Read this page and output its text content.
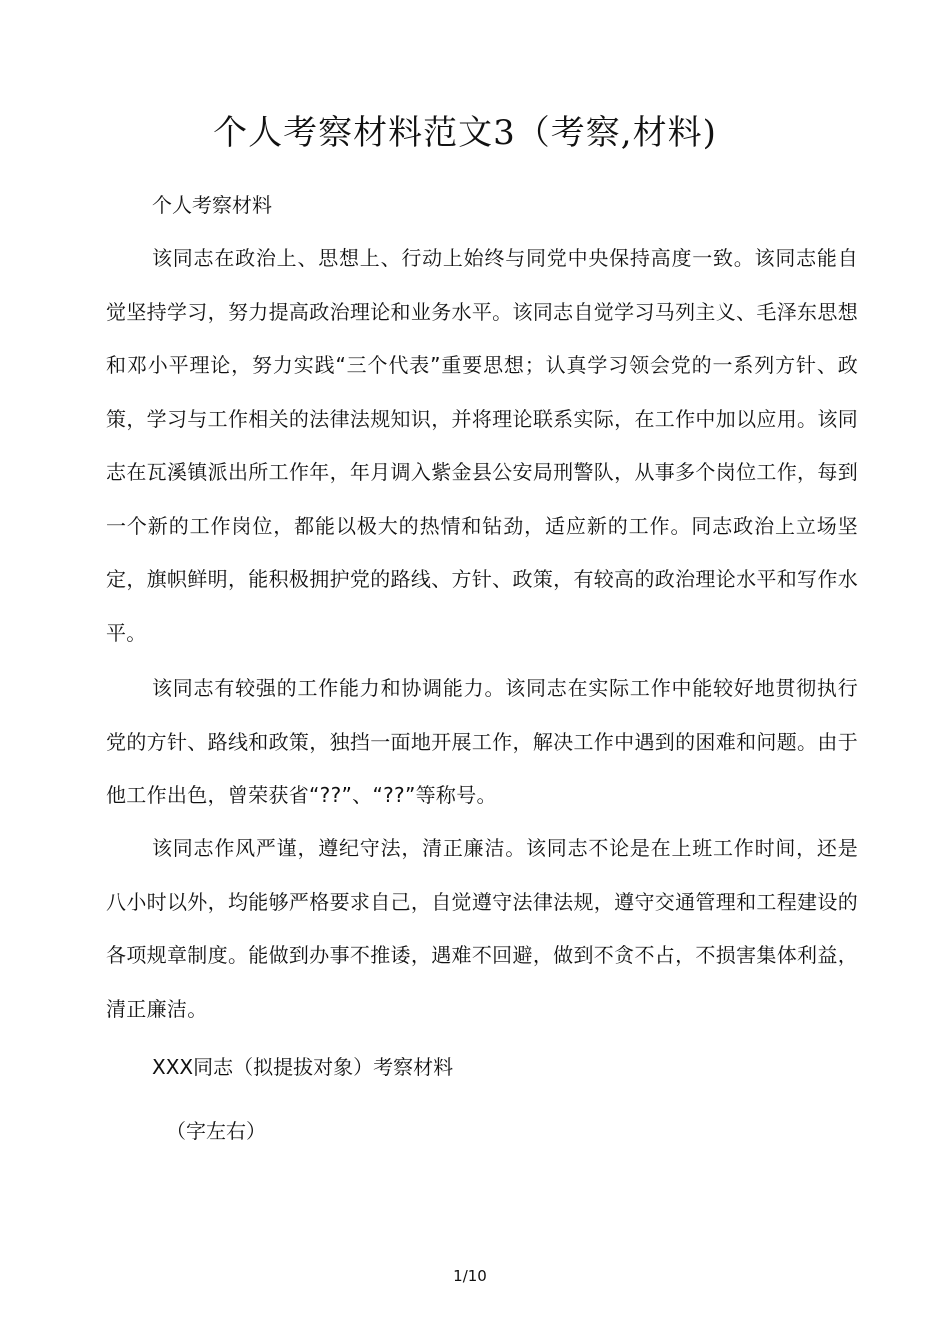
个人考察材料范文3（考察,材料)
个人考察材料

该同志在政治上、思想上、行动上始终与同党中央保持高度一致。该同志能自觉坚持学习，努力提高政治理论和业务水平。该同志自觉学习马列主义、毛泽东思想和邓小平理论，努力实践“三个代表”重要思想；认真学习领会党的一系列方针、政策，学习与工作相关的法律法规知识，并将理论联系实际，在工作中加以应用。该同志在瓦溪镇派出所工作年，年月调入紫金县公安局刑警队，从事多个岗位工作，每到一个新的工作岗位，都能以极大的热情和钻劲，适应新的工作。同志政治上立场坚定，旗帜鲜明，能积极拥护党的路线、方针、政策，有较高的政治理论水平和写作水平。

该同志有较强的工作能力和协调能力。该同志在实际工作中能较好地贯彻执行党的方针、路线和政策，独挡一面地开展工作，解决工作中遇到的困难和问题。由于他工作出色，曾荣获省“??”、“??”等称号。

该同志作风严谨，遵纪守法，清正廉洁。该同志不论是在上班工作时间，还是八小时以外，均能够严格要求自己，自觉遵守法律法规，遵守交通管理和工程建设的各项规章制度。能做到办事不推诿，遇难不回避，做到不贪不占，不损害集体利益，清正廉洁。

XXX同志（拟提拔对象）考察材料
（字左右）
1/10
